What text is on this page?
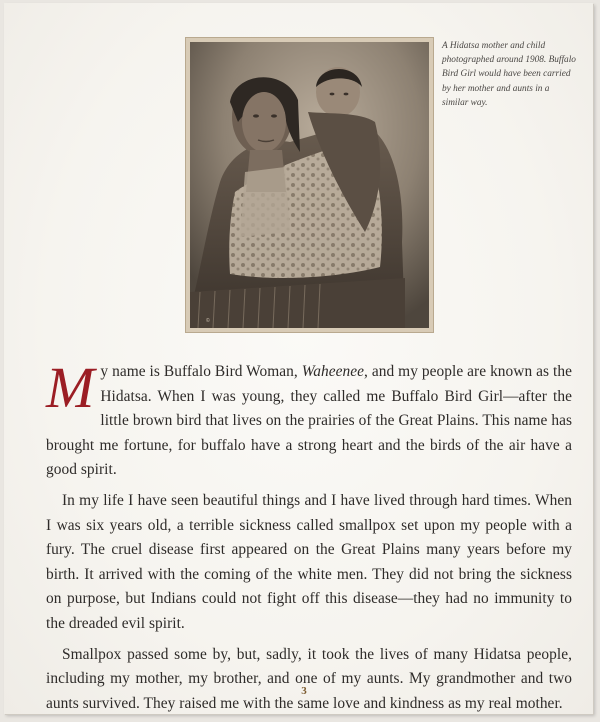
©

A Hidatsa mother and child photographed around 1908. Buffalo Bird Girl would have been carried by her mother and aunts in a similar way.

My name is Buffalo Bird Woman, Waheenee, and my people are known as the Hidatsa. When I was young, they called me Buffalo Bird Girl—after the little brown bird that lives on the prairies of the Great Plains. This name has brought me fortune, for buffalo have a strong heart and the birds of the air have a good spirit.

In my life I have seen beautiful things and I have lived through hard times. When I was six years old, a terrible sickness called smallpox set upon my people with a fury. The cruel disease first appeared on the Great Plains many years before my birth. It arrived with the coming of the white men. They did not bring the sickness on purpose, but Indians could not fight off this disease—they had no immunity to the dreaded evil spirit.

Smallpox passed some by, but, sadly, it took the lives of many Hidatsa people, including my mother, my brother, and one of my aunts. My grandmother and two aunts survived. They raised me with the same love and kindness as my real mother.

3
